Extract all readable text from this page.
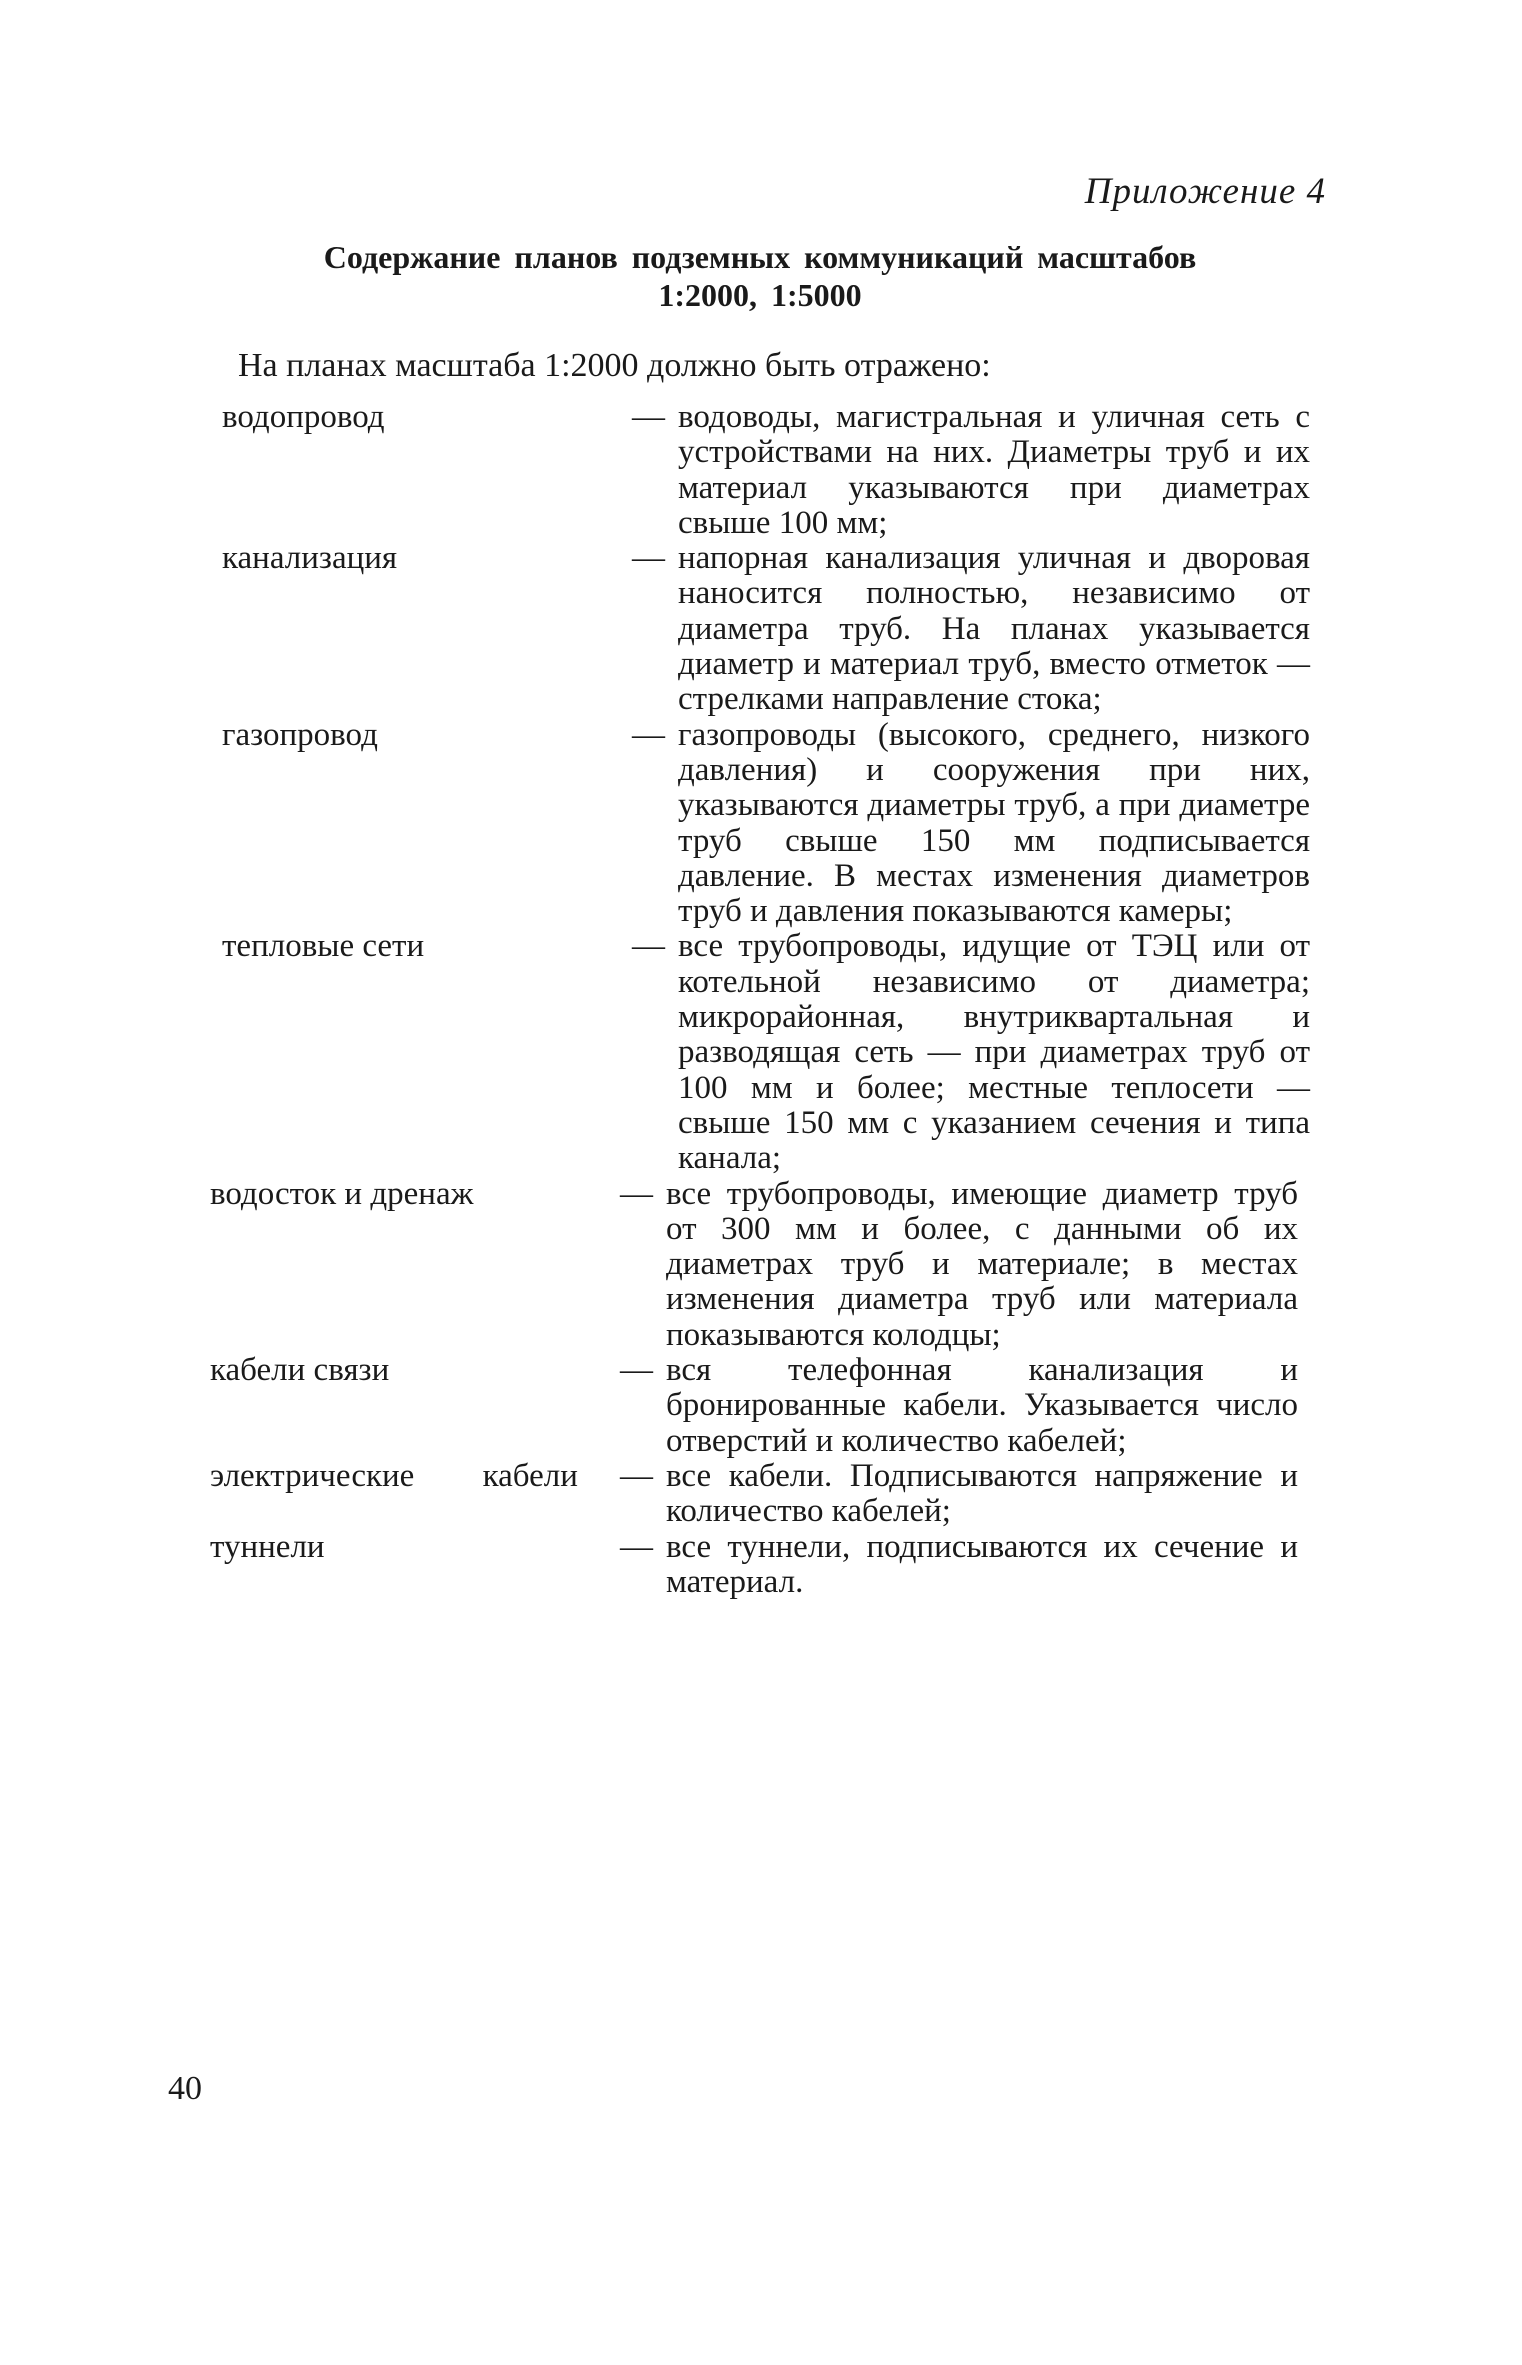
Приложение 4
Содержание планов подземных коммуникаций масштабов
1:2000, 1:5000
На планах масштаба 1:2000 должно быть отражено:
водопровод	— водоводы, магистральная и уличная сеть с устройствами на них. Диаметры труб и их материал указываются при диаметрах свыше 100 мм;
канализация	— напорная канализация уличная и дворовая наносится полностью, независимо от диаметра труб. На планах указывается диаметр и материал труб, вместо отметок — стрелками направление стока;
газопровод	— газопроводы (высокого, среднего, низкого давления) и сооружения при них, указываются диаметры труб, а при диаметре труб свыше 150 мм подписывается давление. В местах изменения диаметров труб и давления показываются камеры;
тепловые сети	— все трубопроводы, идущие от ТЭЦ или от котельной независимо от диаметра; микрорайонная, внутриквартальная и разводящая сеть — при диаметрах труб от 100 мм и более; местные теплосети — свыше 150 мм с указанием сечения и типа канала;
водосток и дренаж	— все трубопроводы, имеющие диаметр труб от 300 мм и более, с данными об их диаметрах труб и материале; в местах изменения диаметра труб или материала показываются колодцы;
кабели связи	— вся телефонная канализация и бронированные кабели. Указывается число отверстий и количество кабелей;
электрические кабели	— все кабели. Подписываются напряжение и количество кабелей;
туннели	— все туннели, подписываются их сечение и материал.
40
